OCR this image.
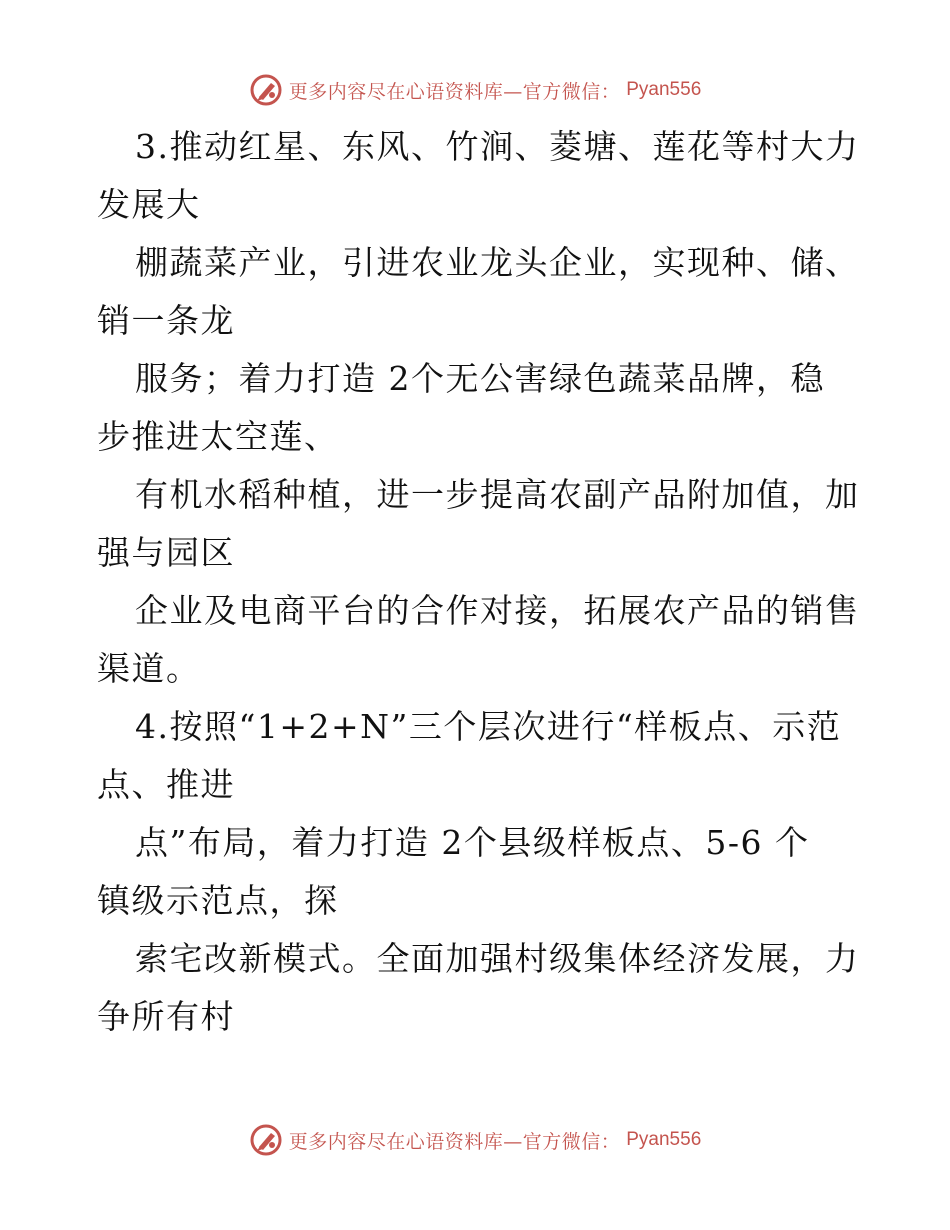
更多内容尽在心语资料库—官方微信： Pyan556
3.推动红星、东风、竹涧、菱塘、莲花等村大力
发展大
棚蔬菜产业，引进农业龙头企业，实现种、储、
销一条龙
服务；着力打造 2个无公害绿色蔬菜品牌，稳
步推进太空莲、
有机水稻种植，进一步提高农副产品附加值，加
强与园区
企业及电商平台的合作对接，拓展农产品的销售
渠道。
4.按照“1+2+N”三个层次进行“样板点、示范
点、推进
点”布局，着力打造 2个县级样板点、5-6 个
镇级示范点，探
索宅改新模式。全面加强村级集体经济发展，力
争所有村
更多内容尽在心语资料库—官方微信： Pyan556
